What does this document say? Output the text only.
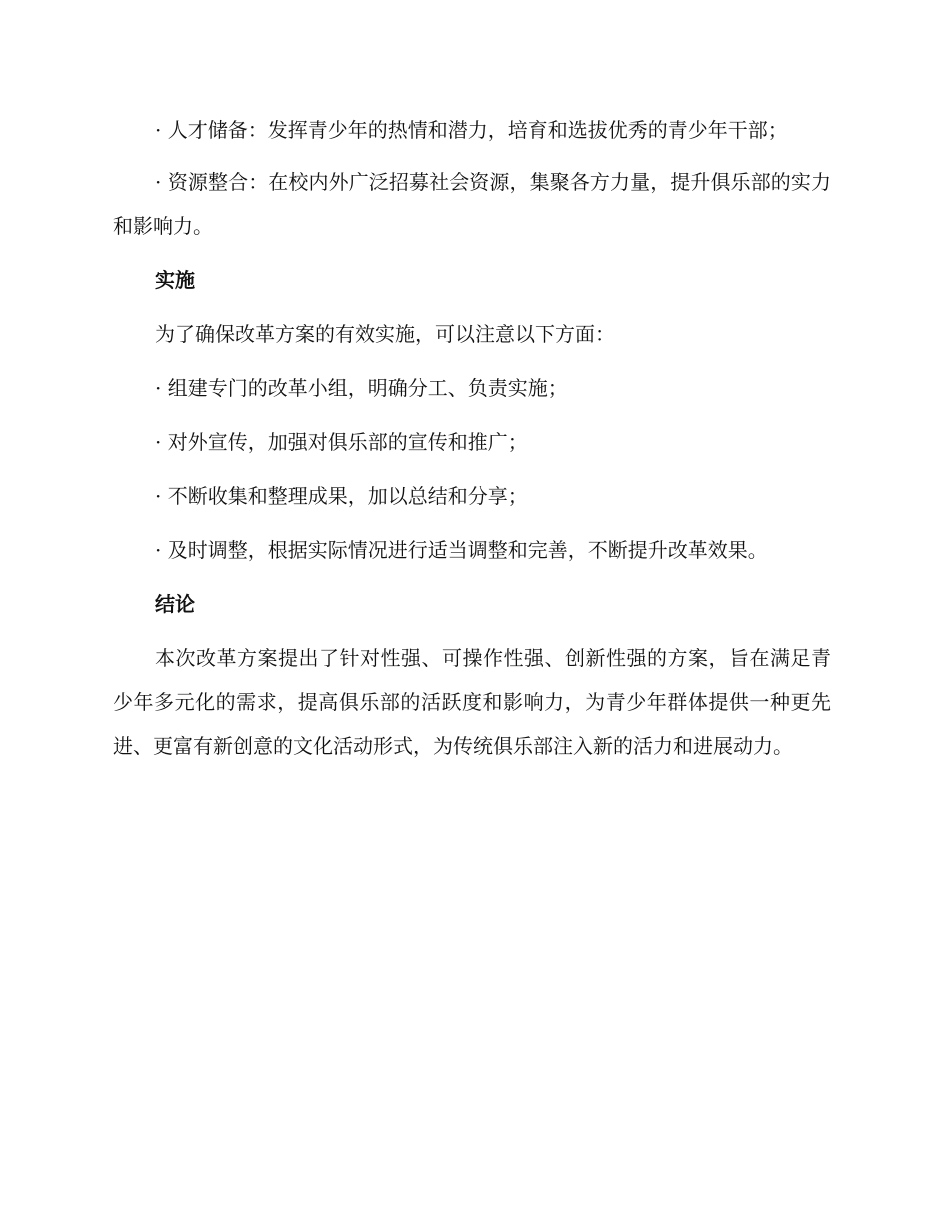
· 人才储备：发挥青少年的热情和潜力，培育和选拔优秀的青少年干部；

· 资源整合：在校内外广泛招募社会资源，集聚各方力量，提升俱乐部的实力和影响力。

实施

为了确保改革方案的有效实施，可以注意以下方面：

· 组建专门的改革小组，明确分工、负责实施；

· 对外宣传，加强对俱乐部的宣传和推广；

· 不断收集和整理成果，加以总结和分享；

· 及时调整，根据实际情况进行适当调整和完善，不断提升改革效果。

结论

本次改革方案提出了针对性强、可操作性强、创新性强的方案，旨在满足青少年多元化的需求，提高俱乐部的活跃度和影响力，为青少年群体提供一种更先进、更富有新创意的文化活动形式，为传统俱乐部注入新的活力和进展动力。
